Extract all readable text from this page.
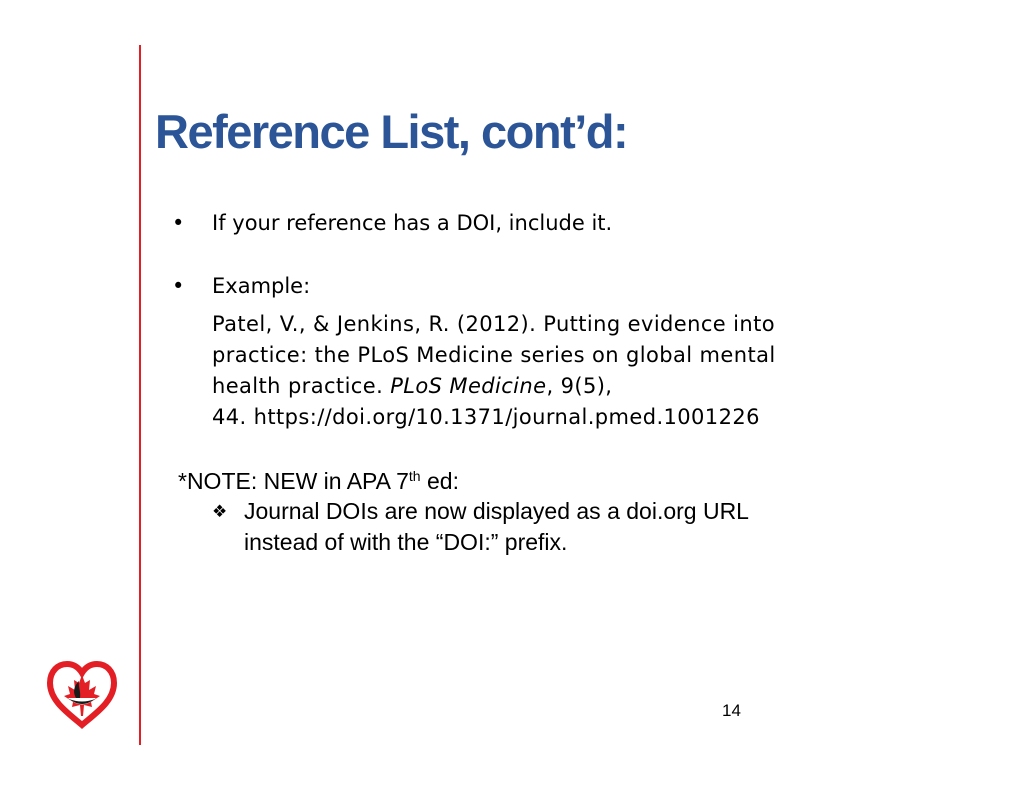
Reference List, cont’d:
• If your reference has a DOI, include it.
• Example:
Patel, V., & Jenkins, R. (2012). Putting evidence into
practice: the PLoS Medicine series on global mental
health practice. PLoS Medicine, 9(5),
44. https://doi.org/10.1371/journal.pmed.1001226
*NOTE: NEW in APA 7th ed:
❖ Journal DOIs are now displayed as a doi.org URL
instead of with the “DOI:” prefix.
14
